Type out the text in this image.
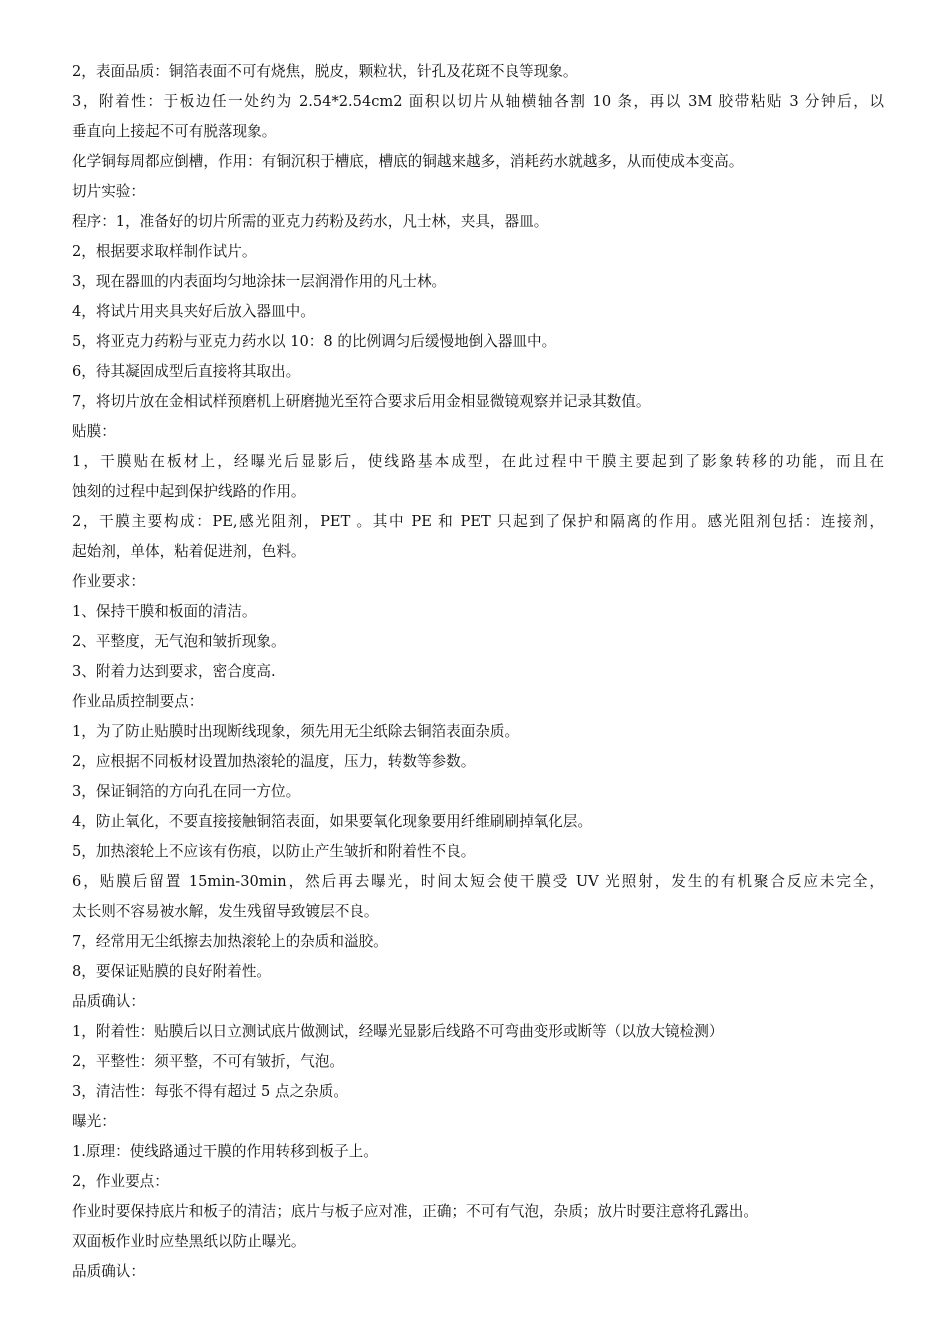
2，表面品质：铜箔表面不可有烧焦，脱皮，颗粒状，针孔及花斑不良等现象。
3，附着性：于板边任一处约为 2.54*2.54cm2 面积以切片从轴横轴各割 10 条，再以 3M 胶带粘贴 3 分钟后，以
垂直向上接起不可有脱落现象。
化学铜每周都应倒槽，作用：有铜沉积于槽底，槽底的铜越来越多，消耗药水就越多，从而使成本变高。
切片实验：
程序：1，准备好的切片所需的亚克力药粉及药水，凡士林，夹具，器皿。
2，根据要求取样制作试片。
3，现在器皿的内表面均匀地涂抹一层润滑作用的凡士林。
4，将试片用夹具夹好后放入器皿中。
5，将亚克力药粉与亚克力药水以 10：8 的比例调匀后缓慢地倒入器皿中。
6，待其凝固成型后直接将其取出。
7，将切片放在金相试样预磨机上研磨抛光至符合要求后用金相显微镜观察并记录其数值。
贴膜：
1，干膜贴在板材上，经曝光后显影后，使线路基本成型，在此过程中干膜主要起到了影象转移的功能，而且在
蚀刻的过程中起到保护线路的作用。
2，干膜主要构成：PE,感光阻剂，PET 。其中 PE 和 PET 只起到了保护和隔离的作用。感光阻剂包括：连接剂，
起始剂，单体，粘着促进剂，色料。
作业要求：
1、保持干膜和板面的清洁。
2、平整度，无气泡和皱折现象。
3、附着力达到要求，密合度高.
作业品质控制要点：
1，为了防止贴膜时出现断线现象，须先用无尘纸除去铜箔表面杂质。
2，应根据不同板材设置加热滚轮的温度，压力，转数等参数。
3，保证铜箔的方向孔在同一方位。
4，防止氧化，不要直接接触铜箔表面，如果要氧化现象要用纤维刷刷掉氧化层。
5，加热滚轮上不应该有伤痕，以防止产生皱折和附着性不良。
6，贴膜后留置 15min-30min，然后再去曝光，时间太短会使干膜受 UV 光照射，发生的有机聚合反应未完全，
太长则不容易被水解，发生残留导致镀层不良。
7，经常用无尘纸擦去加热滚轮上的杂质和溢胶。
8，要保证贴膜的良好附着性。
品质确认：
1，附着性：贴膜后以日立测试底片做测试，经曝光显影后线路不可弯曲变形或断等（以放大镜检测）
2，平整性：须平整，不可有皱折，气泡。
3，清洁性：每张不得有超过 5 点之杂质。
曝光：
1.原理：使线路通过干膜的作用转移到板子上。
2，作业要点：
作业时要保持底片和板子的清洁；底片与板子应对准，正确；不可有气泡，杂质；放片时要注意将孔露出。
双面板作业时应垫黑纸以防止曝光。
品质确认：
